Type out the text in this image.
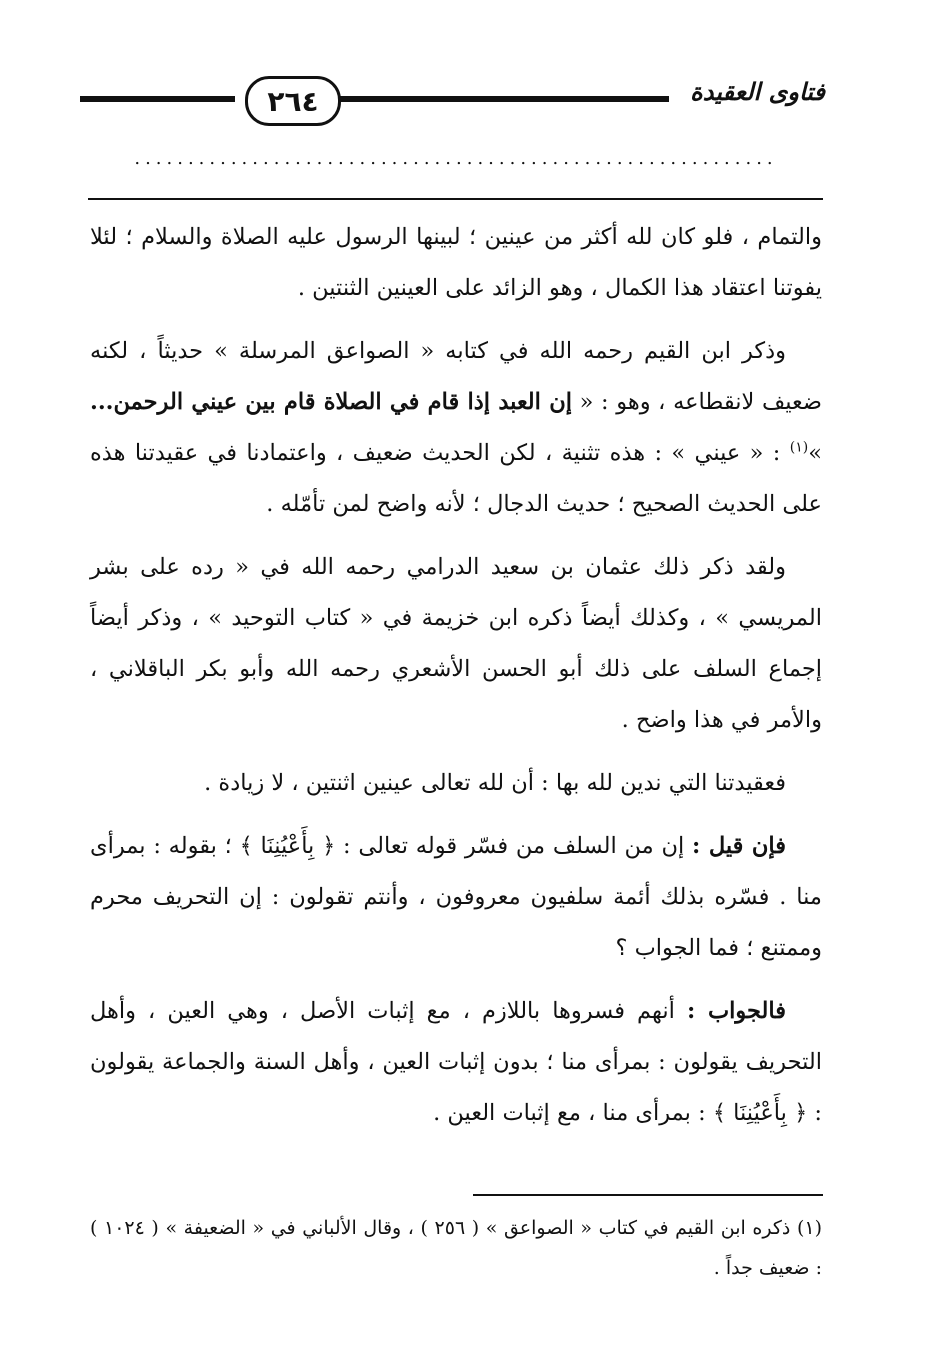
٢٦٤	فتاوى العقيدة
............................................................

والتمام ، فلو كان لله أكثر من عينين ؛ لبينها الرسول عليه الصلاة والسلام ؛ لئلا يفوتنا اعتقاد هذا الكمال ، وهو الزائد على العينين الثنتين .

وذكر ابن القيم رحمه الله في كتابه « الصواعق المرسلة » حديثاً ، لكنه ضعيف لانقطاعه ، وهو : « إن العبد إذا قام في الصلاة قام بين عيني الرحمن... »$^{(١)}$ : « عيني » : هذه تثنية ، لكن الحديث ضعيف ، واعتمادنا في عقيدتنا هذه على الحديث الصحيح ؛ حديث الدجال ؛ لأنه واضح لمن تأمّله .

ولقد ذكر ذلك عثمان بن سعيد الدرامي رحمه الله في « رده على بشر المريسي » ، وكذلك أيضاً ذكره ابن خزيمة في « كتاب التوحيد » ، وذكر أيضاً إجماع السلف على ذلك أبو الحسن الأشعري رحمه الله وأبو بكر الباقلاني ، والأمر في هذا واضح .

فعقيدتنا التي ندين لله بها : أن لله تعالى عينين اثنتين ، لا زيادة .

فإن قيل : إن من السلف من فسّر قوله تعالى : ﴿ بِأَعْيُنِنَا ﴾ ؛ بقوله : بمرأى منا . فسّره بذلك أئمة سلفيون معروفون ، وأنتم تقولون : إن التحريف محرم وممتنع ؛ فما الجواب ؟

فالجواب : أنهم فسروها باللازم ، مع إثبات الأصل ، وهي العين ، وأهل التحريف يقولون : بمرأى منا ؛ بدون إثبات العين ، وأهل السنة والجماعة يقولون : ﴿ بِأَعْيُنِنَا ﴾ : بمرأى منا ، مع إثبات العين .

(١) ذكره ابن القيم في كتاب « الصواعق » ( ٢٥٦ ) ، وقال الألباني في « الضعيفة » ( ١٠٢٤ ) : ضعيف جداً .
